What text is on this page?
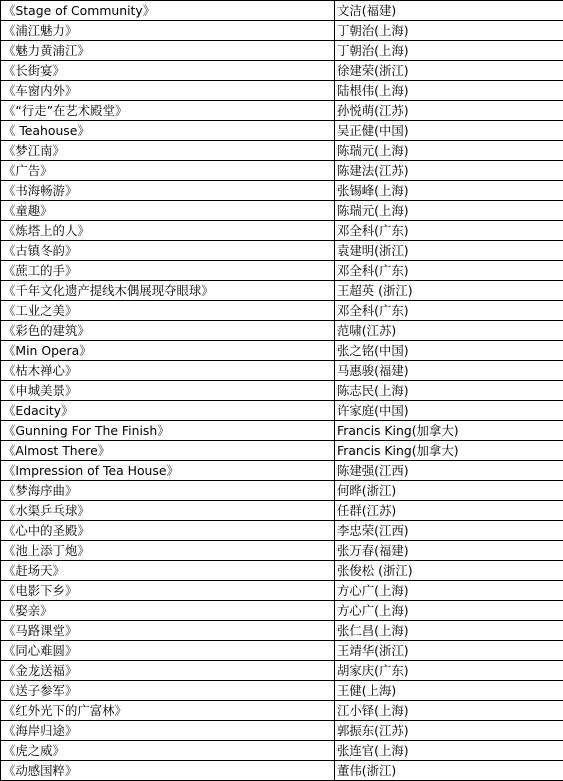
《Stage of Community》	文洁(福建)
《浦江魅力》	丁朝治(上海)
《魅力黄浦江》	丁朝治(上海)
《长街宴》	徐建荣(浙江)
《车窗内外》	陆根伟(上海)
《“行走”在艺术殿堂》	孙悦萌(江苏)
《 Teahouse》	吴正健(中国)
《梦江南》	陈瑞元(上海)
《广告》	陈建法(江苏)
《书海畅游》	张锡峰(上海)
《童趣》	陈瑞元(上海)
《炼塔上的人》	邓全科(广东)
《古镇冬韵》	袁建明(浙江)
《蔗工的手》	邓全科(广东)
《千年文化遗产提线木偶展现夺眼球》	王超英 (浙江)
《工业之美》	邓全科(广东)
《彩色的建筑》	范啸(江苏)
《Min Opera》	张之铭(中国)
《枯木禅心》	马惠骏(福建)
《申城美景》	陈志民(上海)
《Edacity》	许家庭(中国)
《Gunning For The Finish》	Francis King(加拿大)
《Almost There》	Francis King(加拿大)
《Impression of Tea House》	陈建强(江西)
《梦海序曲》	何晔(浙江)
《水渠乒乓球》	任群(江苏)
《心中的圣殿》	李忠荣(江西)
《池上添丁炮》	张万春(福建)
《赶场天》	张俊松 (浙江)
《电影下乡》	方心广(上海)
《娶亲》	方心广(上海)
《马路课堂》	张仁昌(上海)
《同心难圆》	王靖华(浙江)
《金龙送福》	胡家庆(广东)
《送子参军》	王健(上海)
《红外光下的广富林》	江小铎(上海)
《海岸归途》	郭振东(江苏)
《虎之威》	张连官(上海)
《动感国粹》	董伟(浙江)
